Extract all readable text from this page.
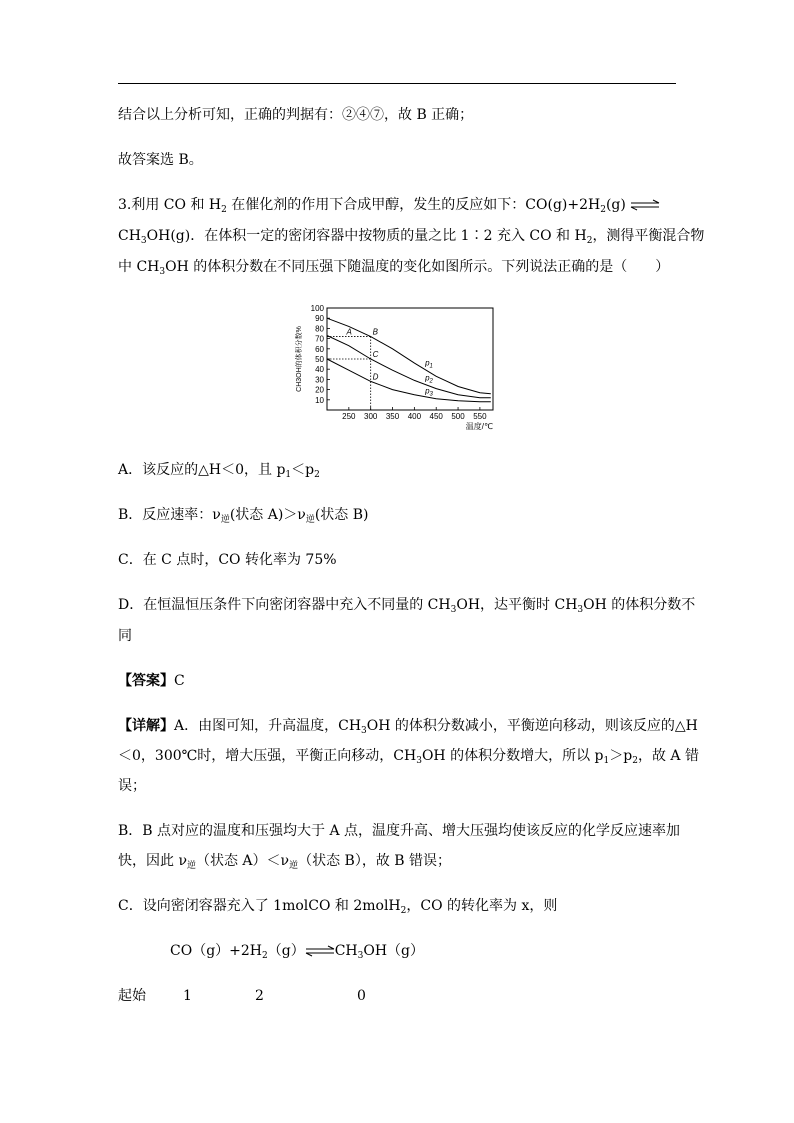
结合以上分析可知，正确的判据有：②④⑦，故 B 正确；
故答案选 B。
3.利用 CO 和 $H_2$ 在催化剂的作用下合成甲醇，发生的反应如下：$CO(g)+2H_2(g)$ ⇌
$CH_3OH(g)$．在体积一定的密闭容器中按物质的量之比 1∶2 充入 CO 和 $H_2$，测得平衡混合物
中 $CH_3OH$ 的体积分数在不同压强下随温度的变化如图所示。下列说法正确的是（　　）
10
20
30
40
50
60
70
80
90
100
250 300 350 400 450 500 550
温度/℃
CH3OH的体积分数%	A	B
C
D
$p_1$
$p_2$
$p_3$
A．该反应的△H＜0，且 $p_1<p_2$
B．反应速率：$\nu_逆$(状态 $A)>\nu_逆$(状态 B)
C．在 C 点时，CO 转化率为 75%
D．在恒温恒压条件下向密闭容器中充入不同量的 $CH_3OH$，达平衡时 $CH_3OH$ 的体积分数不
同
【答案】C
【详解】A．由图可知，升高温度，$CH_3OH$ 的体积分数减小，平衡逆向移动，则该反应的△H
＜0，300℃时，增大压强，平衡正向移动，$CH_3OH$ 的体积分数增大，所以 $p_1>p_2$，故 A 错
误；
B．B 点对应的温度和压强均大于 A 点，温度升高、增大压强均使该反应的化学反应速率加
快，因此 $\nu_逆$（状态 $A)<\nu_逆$（状态 B），故 B 错误；
C．设向密闭容器充入了 1molCO 和 2molH$_2$，CO 的转化率为 x，则
$CO(g)+2H_2(g)\rightleftharpoons CH_3OH(g)$
起始	1	2	0
